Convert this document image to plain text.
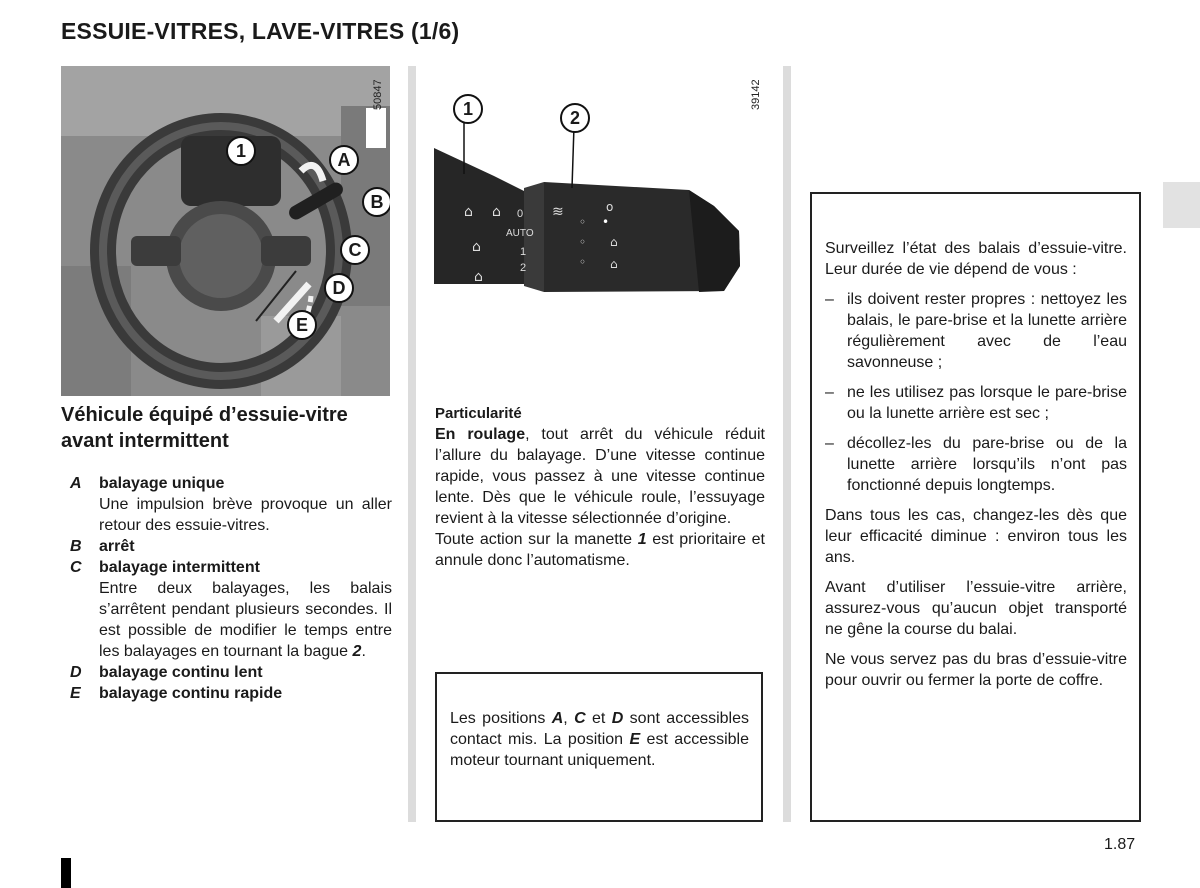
ESSUIE-VITRES, LAVE-VITRES (1/6)
1	A
B
C
D
E
50847
⌂ ⌂	≋
◦
◦
◦
•
o
⌂
⌂
⌂
⌂
1	2
0
AUTO
1
2
39142
Véhicule équipé d’essuie-vitre avant intermittent
A	balayage unique
Une impulsion brève provoque un aller retour des essuie-vitres.
B	arrêt
C	balayage intermittent
Entre deux balayages, les balais s’arrêtent pendant plusieurs secondes. Il est possible de modifier le temps entre les balayages en tournant la bague 2.
D	balayage continu lent
E	balayage continu rapide
Particularité
En roulage, tout arrêt du véhicule réduit l’allure du balayage. D’une vitesse continue rapide, vous passez à une vitesse continue lente. Dès que le véhicule roule, l’essuyage revient à la vitesse sélectionnée d’origine.
Toute action sur la manette 1 est prioritaire et annule donc l’automatisme.
Les positions A, C et D sont accessibles contact mis. La position E est accessible moteur tournant uniquement.

Surveillez l’état des balais d’essuie-vitre. Leur durée de vie dépend de vous :

– ils doivent rester propres : nettoyez les balais, le pare-brise et la lunette arrière régulièrement avec de l’eau savonneuse ;
– ne les utilisez pas lorsque le pare-brise ou la lunette arrière est sec ;
– décollez-les du pare-brise ou de la lunette arrière lorsqu’ils n’ont pas fonctionné depuis longtemps.

Dans tous les cas, changez-les dès que leur efficacité diminue : environ tous les ans.

Avant d’utiliser l’essuie-vitre arrière, assurez-vous qu’aucun objet transporté ne gêne la course du balai.

Ne vous servez pas du bras d’essuie-vitre pour ouvrir ou fermer la porte de coffre.

1.87
